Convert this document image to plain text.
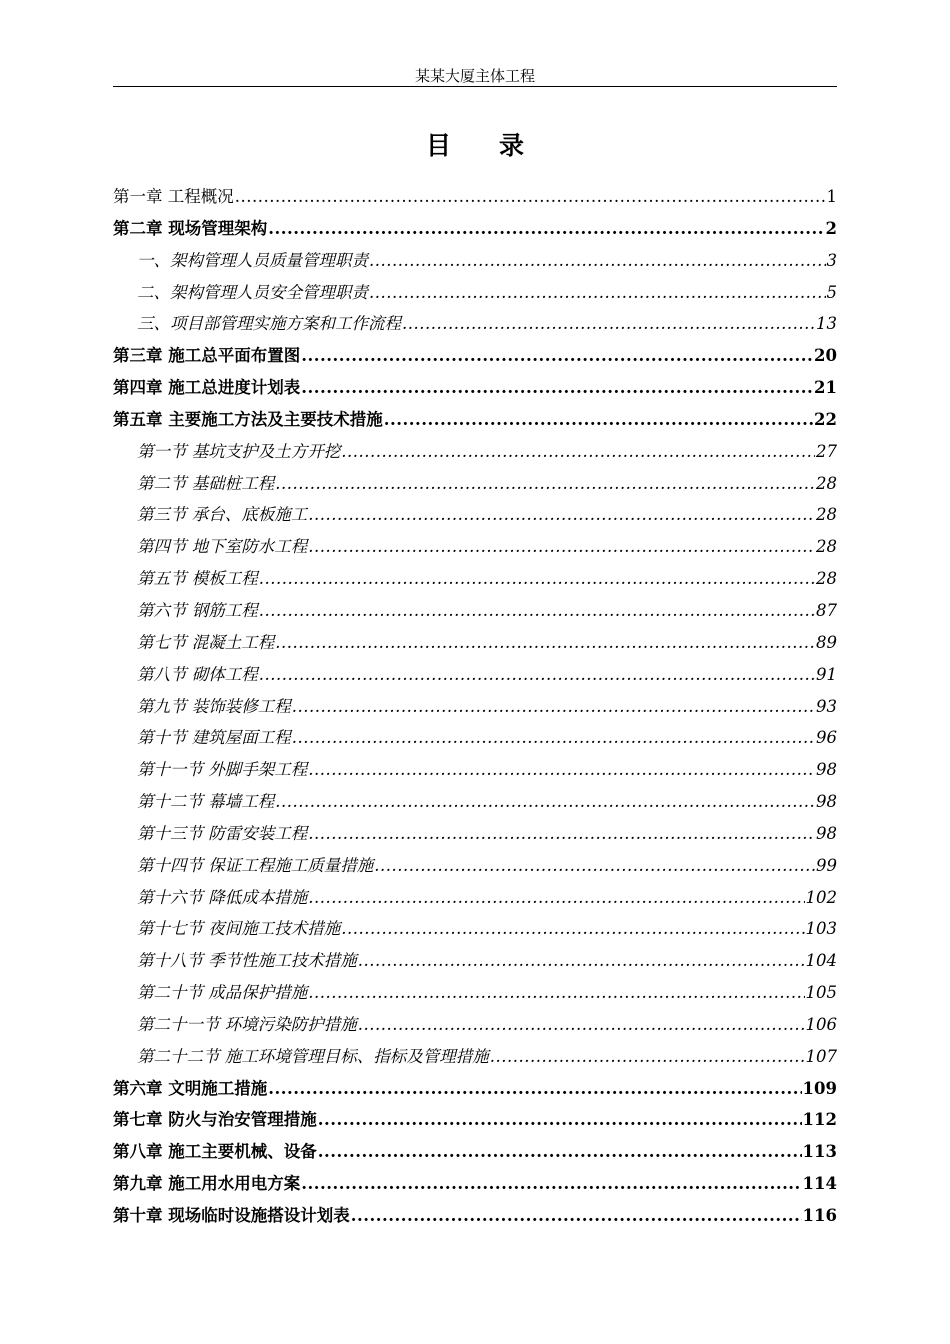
某某大厦主体工程
目 录
第一章 工程概况 .....	1
第二章 现场管理架构 .....	2
一、架构管理人员质量管理职责 .....	3
二、架构管理人员安全管理职责 .....	5
三、项目部管理实施方案和工作流程 .....	13
第三章 施工总平面布置图 .....	20
第四章 施工总进度计划表 .....	21
第五章 主要施工方法及主要技术措施 .....	22
第一节 基坑支护及土方开挖 .....	27
第二节 基础桩工程 .....	28
第三节 承台、底板施工 .....	28
第四节 地下室防水工程 .....	28
第五节 模板工程 .....	28
第六节 钢筋工程 .....	87
第七节 混凝土工程 .....	89
第八节 砌体工程 .....	91
第九节 装饰装修工程 .....	93
第十节 建筑屋面工程 .....	96
第十一节 外脚手架工程 .....	98
第十二节 幕墙工程 .....	98
第十三节 防雷安装工程 .....	98
第十四节 保证工程施工质量措施 .....	99
第十六节 降低成本措施 .....	102
第十七节 夜间施工技术措施 .....	103
第十八节 季节性施工技术措施 .....	104
第二十节 成品保护措施 .....	105
第二十一节 环境污染防护措施 .....	106
第二十二节 施工环境管理目标、指标及管理措施 .....	107
第六章 文明施工措施 .....	109
第七章 防火与治安管理措施 .....	112
第八章 施工主要机械、设备 .....	113
第九章 施工用水用电方案 .....	114
第十章 现场临时设施搭设计划表 .....	116
